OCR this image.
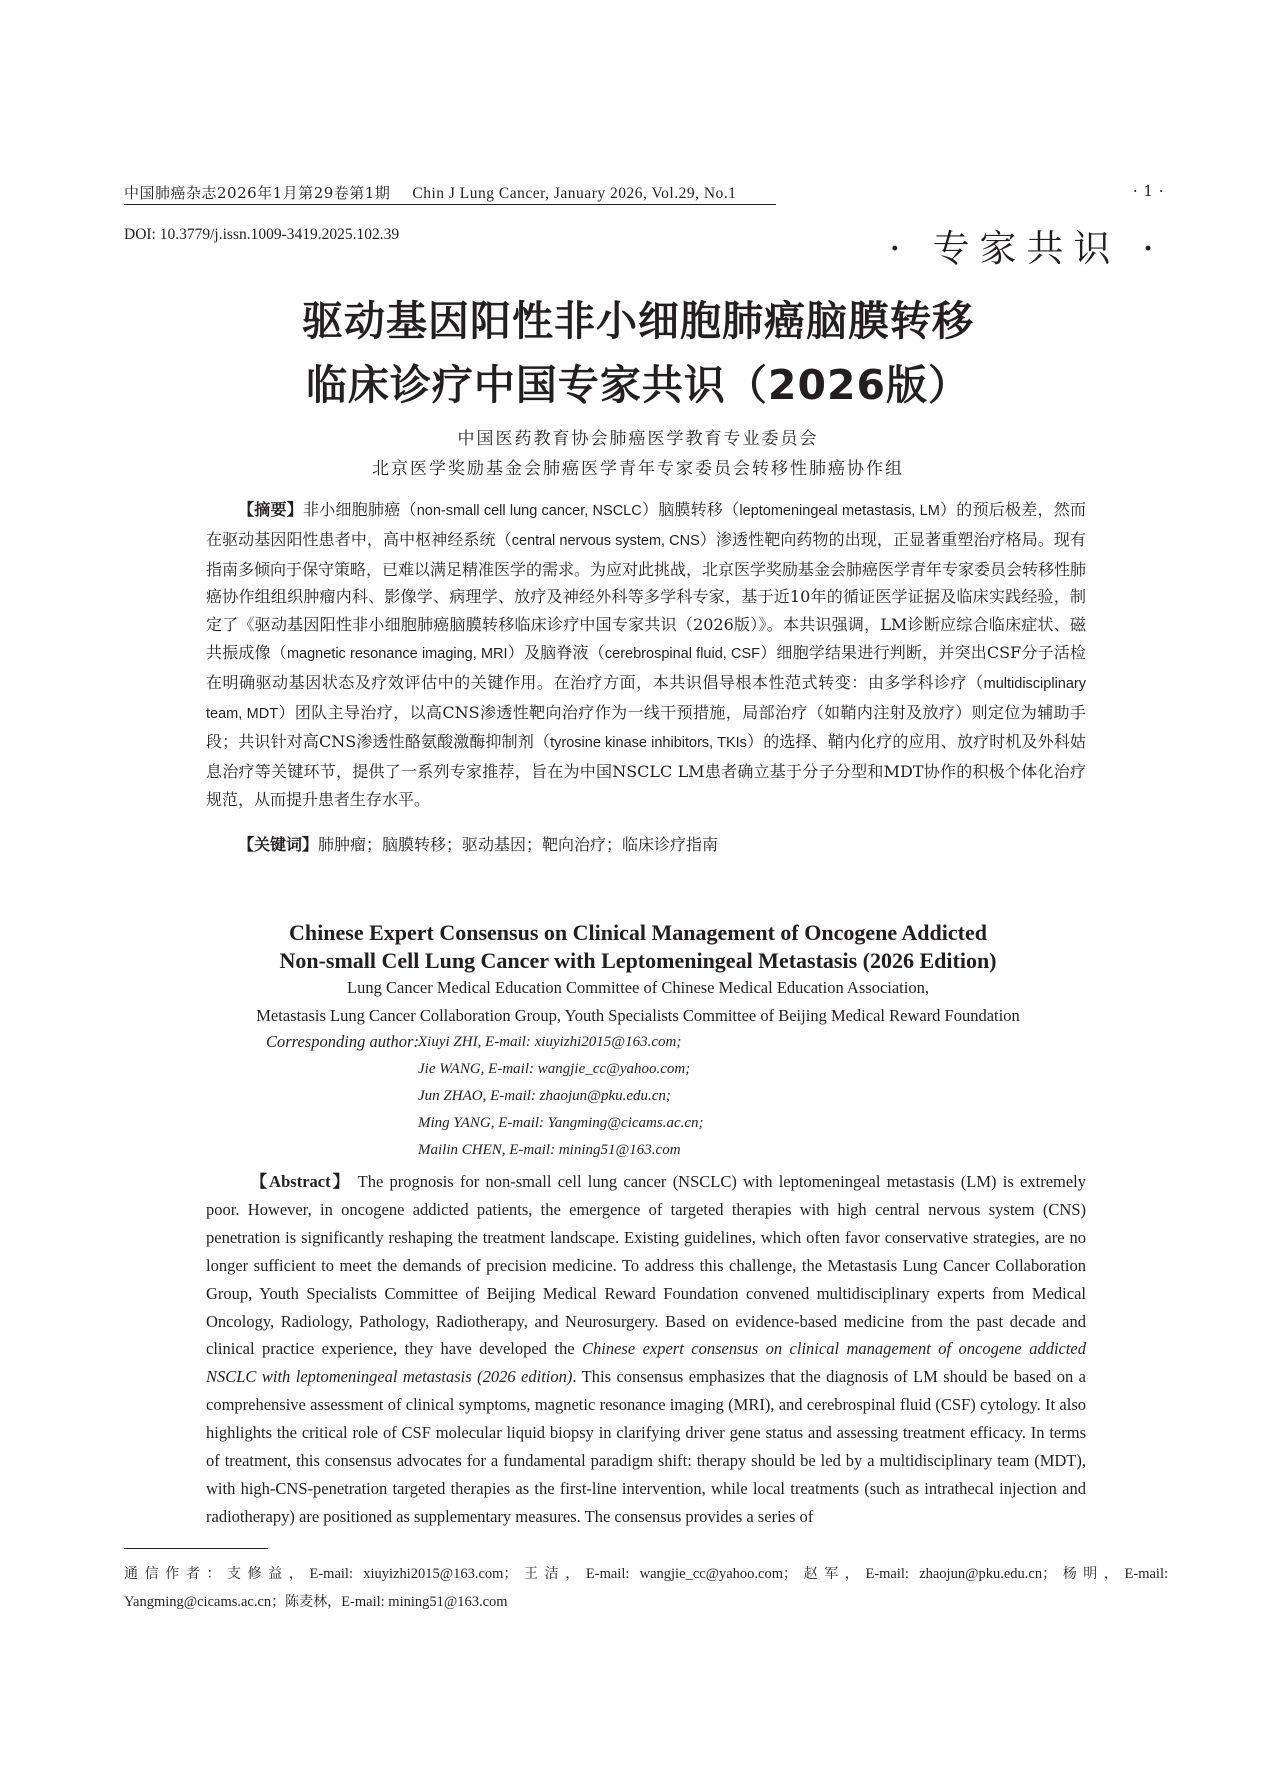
中国肺癌杂志2026年1月第29卷第1期 Chin J Lung Cancer, January 2026, Vol.29, No.1	· 1 ·
DOI: 10.3779/j.issn.1009-3419.2025.102.39	· 专家共识 ·
驱动基因阳性非小细胞肺癌脑膜转移
临床诊疗中国专家共识（2026版）
中国医药教育协会肺癌医学教育专业委员会
北京医学奖励基金会肺癌医学青年专家委员会转移性肺癌协作组

【摘要】非小细胞肺癌（non-small cell lung cancer, NSCLC）脑膜转移（leptomeningeal metastasis, LM）的预后极差，然而在驱动基因阳性患者中，高中枢神经系统（central nervous system, CNS）渗透性靶向药物的出现，正显著重塑治疗格局。现有指南多倾向于保守策略，已难以满足精准医学的需求。为应对此挑战，北京医学奖励基金会肺癌医学青年专家委员会转移性肺癌协作组组织肿瘤内科、影像学、病理学、放疗及神经外科等多学科专家，基于近10年的循证医学证据及临床实践经验，制定了《驱动基因阳性非小细胞肺癌脑膜转移临床诊疗中国专家共识（2026版）》。本共识强调，LM诊断应综合临床症状、磁共振成像（magnetic resonance imaging, MRI）及脑脊液（cerebrospinal fluid, CSF）细胞学结果进行判断，并突出CSF分子活检在明确驱动基因状态及疗效评估中的关键作用。在治疗方面，本共识倡导根本性范式转变：由多学科诊疗（multidisciplinary team, MDT）团队主导治疗，以高CNS渗透性靶向治疗作为一线干预措施，局部治疗（如鞘内注射及放疗）则定位为辅助手段；共识针对高CNS渗透性酪氨酸激酶抑制剂（tyrosine kinase inhibitors, TKIs）的选择、鞘内化疗的应用、放疗时机及外科姑息治疗等关键环节，提供了一系列专家推荐，旨在为中国NSCLC LM患者确立基于分子分型和MDT协作的积极个体化治疗规范，从而提升患者生存水平。

【关键词】肺肿瘤；脑膜转移；驱动基因；靶向治疗；临床诊疗指南
Chinese Expert Consensus on Clinical Management of Oncogene Addicted
Non-small Cell Lung Cancer with Leptomeningeal Metastasis (2026 Edition)
Lung Cancer Medical Education Committee of Chinese Medical Education Association,
Metastasis Lung Cancer Collaboration Group, Youth Specialists Committee of Beijing Medical Reward Foundation
Corresponding author: Xiuyi ZHI, E-mail: xiuyizhi2015@163.com;
Jie WANG, E-mail: wangjie_cc@yahoo.com;
Jun ZHAO, E-mail: zhaojun@pku.edu.cn;
Ming YANG, E-mail: Yangming@cicams.ac.cn;
Mailin CHEN, E-mail: mining51@163.com

【Abstract】 The prognosis for non-small cell lung cancer (NSCLC) with leptomeningeal metastasis (LM) is extremely poor. However, in oncogene addicted patients, the emergence of targeted therapies with high central nervous system (CNS) penetration is significantly reshaping the treatment landscape. Existing guidelines, which often favor conservative strategies, are no longer sufficient to meet the demands of precision medicine. To address this challenge, the Metastasis Lung Cancer Collaboration Group, Youth Specialists Committee of Beijing Medical Reward Foundation convened multidisciplinary experts from Medical Oncology, Radiology, Pathology, Radiotherapy, and Neurosurgery. Based on evidence-based medicine from the past decade and clinical practice experience, they have developed the Chinese expert consensus on clinical management of oncogene addicted NSCLC with leptomeningeal metastasis (2026 edition). This consensus emphasizes that the diagnosis of LM should be based on a comprehensive assessment of clinical symptoms, magnetic resonance imaging (MRI), and cerebrospinal fluid (CSF) cytology. It also highlights the critical role of CSF molecular liquid biopsy in clarifying driver gene status and assessing treatment efficacy. In terms of treatment, this consensus advocates for a fundamental paradigm shift: therapy should be led by a multidisciplinary team (MDT), with high-CNS-penetration targeted therapies as the first-line intervention, while local treatments (such as intrathecal injection and radiotherapy) are positioned as supplementary measures. The consensus provides a series of

通信作者：支修益，E-mail: xiuyizhi2015@163.com；王洁，E-mail: wangjie_cc@yahoo.com；赵军，E-mail: zhaojun@pku.edu.cn；杨明，E-mail: Yangming@cicams.ac.cn；陈麦林，E-mail: mining51@163.com
